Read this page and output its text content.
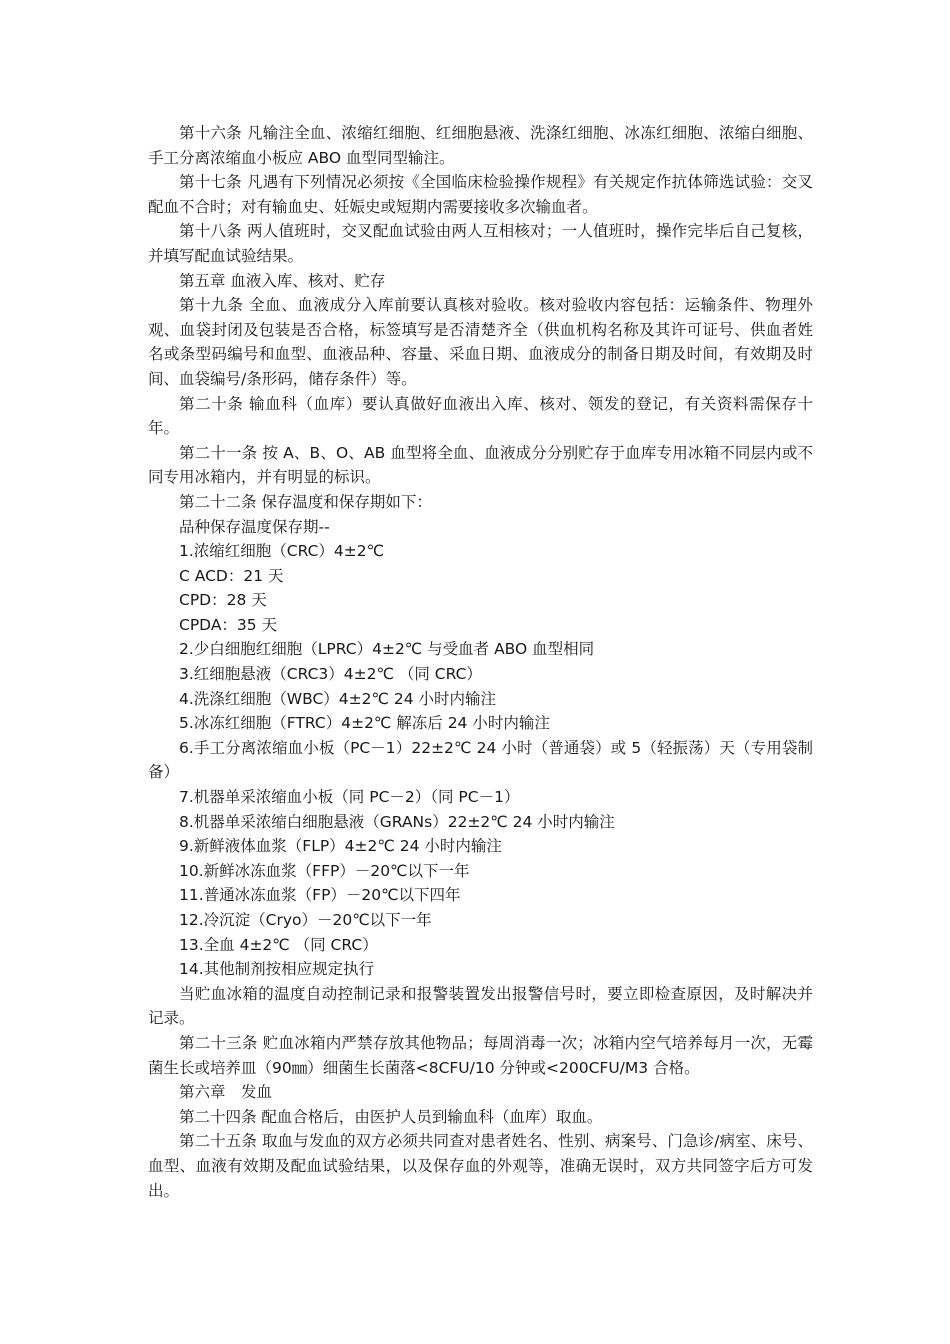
第十六条 凡输注全血、浓缩红细胞、红细胞悬液、洗涤红细胞、冰冻红细胞、浓缩白细胞、手工分离浓缩血小板应 ABO 血型同型输注。

第十七条 凡遇有下列情况必须按《全国临床检验操作规程》有关规定作抗体筛选试验：交叉配血不合时；对有输血史、妊娠史或短期内需要接收多次输血者。

第十八条 两人值班时，交叉配血试验由两人互相核对；一人值班时，操作完毕后自己复核，并填写配血试验结果。

第五章 血液入库、核对、贮存

第十九条 全血、血液成分入库前要认真核对验收。核对验收内容包括：运输条件、物理外观、血袋封闭及包装是否合格，标签填写是否清楚齐全（供血机构名称及其许可证号、供血者姓名或条型码编号和血型、血液品种、容量、采血日期、血液成分的制备日期及时间，有效期及时间、血袋编号/条形码，储存条件）等。

第二十条 输血科（血库）要认真做好血液出入库、核对、领发的登记，有关资料需保存十年。

第二十一条 按 A、B、O、AB 血型将全血、血液成分分别贮存于血库专用冰箱不同层内或不同专用冰箱内，并有明显的标识。

第二十二条 保存温度和保存期如下：

品种保存温度保存期--

1.浓缩红细胞（CRC）4±2℃

C ACD：21 天

CPD：28 天

CPDA：35 天

2.少白细胞红细胞（LPRC）4±2℃ 与受血者 ABO 血型相同

3.红细胞悬液（CRC3）4±2℃ （同 CRC）

4.洗涤红细胞（WBC）4±2℃ 24 小时内输注

5.冰冻红细胞（FTRC）4±2℃ 解冻后 24 小时内输注

6.手工分离浓缩血小板（PC－1）22±2℃ 24 小时（普通袋）或 5（轻振荡）天（专用袋制备）

7.机器单采浓缩血小板（同 PC－2）（同 PC－1）

8.机器单采浓缩白细胞悬液（GRANs）22±2℃ 24 小时内输注

9.新鲜液体血浆（FLP）4±2℃ 24 小时内输注

10.新鲜冰冻血浆（FFP）－20℃以下一年

11.普通冰冻血浆（FP）－20℃以下四年

12.冷沉淀（Cryo）－20℃以下一年

13.全血 4±2℃ （同 CRC）

14.其他制剂按相应规定执行

当贮血冰箱的温度自动控制记录和报警装置发出报警信号时，要立即检查原因，及时解决并记录。

第二十三条 贮血冰箱内严禁存放其他物品；每周消毒一次；冰箱内空气培养每月一次，无霉菌生长或培养皿（90㎜）细菌生长菌落<8CFU/10 分钟或<200CFU/M3 合格。

第六章　发血

第二十四条 配血合格后，由医护人员到输血科（血库）取血。

第二十五条 取血与发血的双方必须共同查对患者姓名、性别、病案号、门急诊/病室、床号、血型、血液有效期及配血试验结果，以及保存血的外观等，准确无误时，双方共同签字后方可发出。
